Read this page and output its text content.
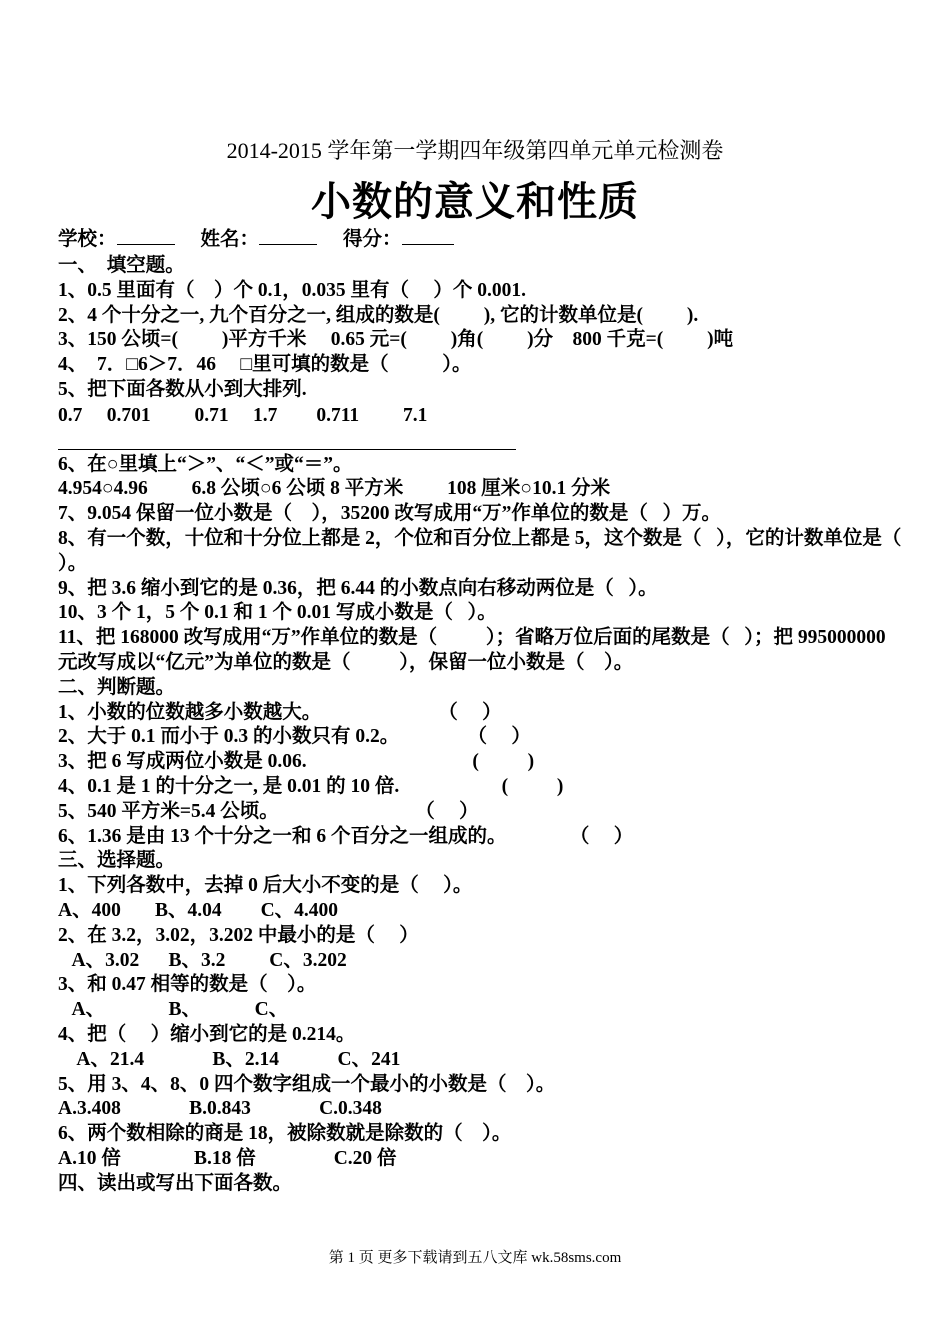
2014-2015 学年第一学期四年级第四单元单元检测卷
小数的意义和性质
学校：	姓名：	得分：
一、  填空题。
1、0.5 里面有（    ）个 0.1，0.035 里有（     ）个 0.001.
2、4 个十分之一, 九个百分之一, 组成的数是(         ), 它的计数单位是(         ).
3、150 公顷=(         )平方千米     0.65 元=(         )角(         )分    800 千克=(         )吨
4、  7．□6＞7．46     □里可填的数是（           ）。
5、把下面各数从小到大排列.
0.7     0.701         0.71     1.7        0.711         7.1
6、在○里填上“＞”、“＜”或“＝”。
4.954○4.96         6.8 公顷○6 公顷 8 平方米         108 厘米○10.1 分米
7、9.054 保留一位小数是（    ），35200 改写成用“万”作单位的数是（   ）万。
8、有一个数，十位和十分位上都是 2，个位和百分位上都是 5，这个数是（   ），它的计数单位是（       ）。
9、把 3.6 缩小到它的是 0.36，把 6.44 的小数点向右移动两位是（   ）。
10、3 个 1，5 个 0.1 和 1 个 0.01 写成小数是（   ）。
11、把 168000 改写成用“万”作单位的数是（          ）；省略万位后面的尾数是（   ）；把 995000000 元改写成以“亿元”为单位的数是（          ），保留一位小数是（    ）。
二、判断题。
1、小数的位数越多小数越大。                        （     ）
2、大于 0.1 而小于 0.3 的小数只有 0.2。              （     ）
3、把 6 写成两位小数是 0.06.                                  (          )
4、0.1 是 1 的十分之一, 是 0.01 的 10 倍.                     (          )
5、540 平方米=5.4 公顷。                            （     ）
6、1.36 是由 13 个十分之一和 6 个百分之一组成的。             （     ）
三、选择题。
1、下列各数中，去掉 0 后大小不变的是（     ）。
A、400       B、4.04        C、4.400
2、在 3.2，3.02，3.202 中最小的是（     ）
A、3.02      B、3.2         C、3.202
3、和 0.47 相等的数是（    ）。
A、             B、           C、
4、把（     ）缩小到它的是 0.214。
A、21.4              B、2.14            C、241
5、用 3、4、8、0 四个数字组成一个最小的小数是（    ）。
A.3.408              B.0.843              C.0.348
6、两个数相除的商是 18，被除数就是除数的（    ）。
A.10 倍               B.18 倍                C.20 倍
四、读出或写出下面各数。
第 1 页 更多下载请到五八文库 wk.58sms.com
